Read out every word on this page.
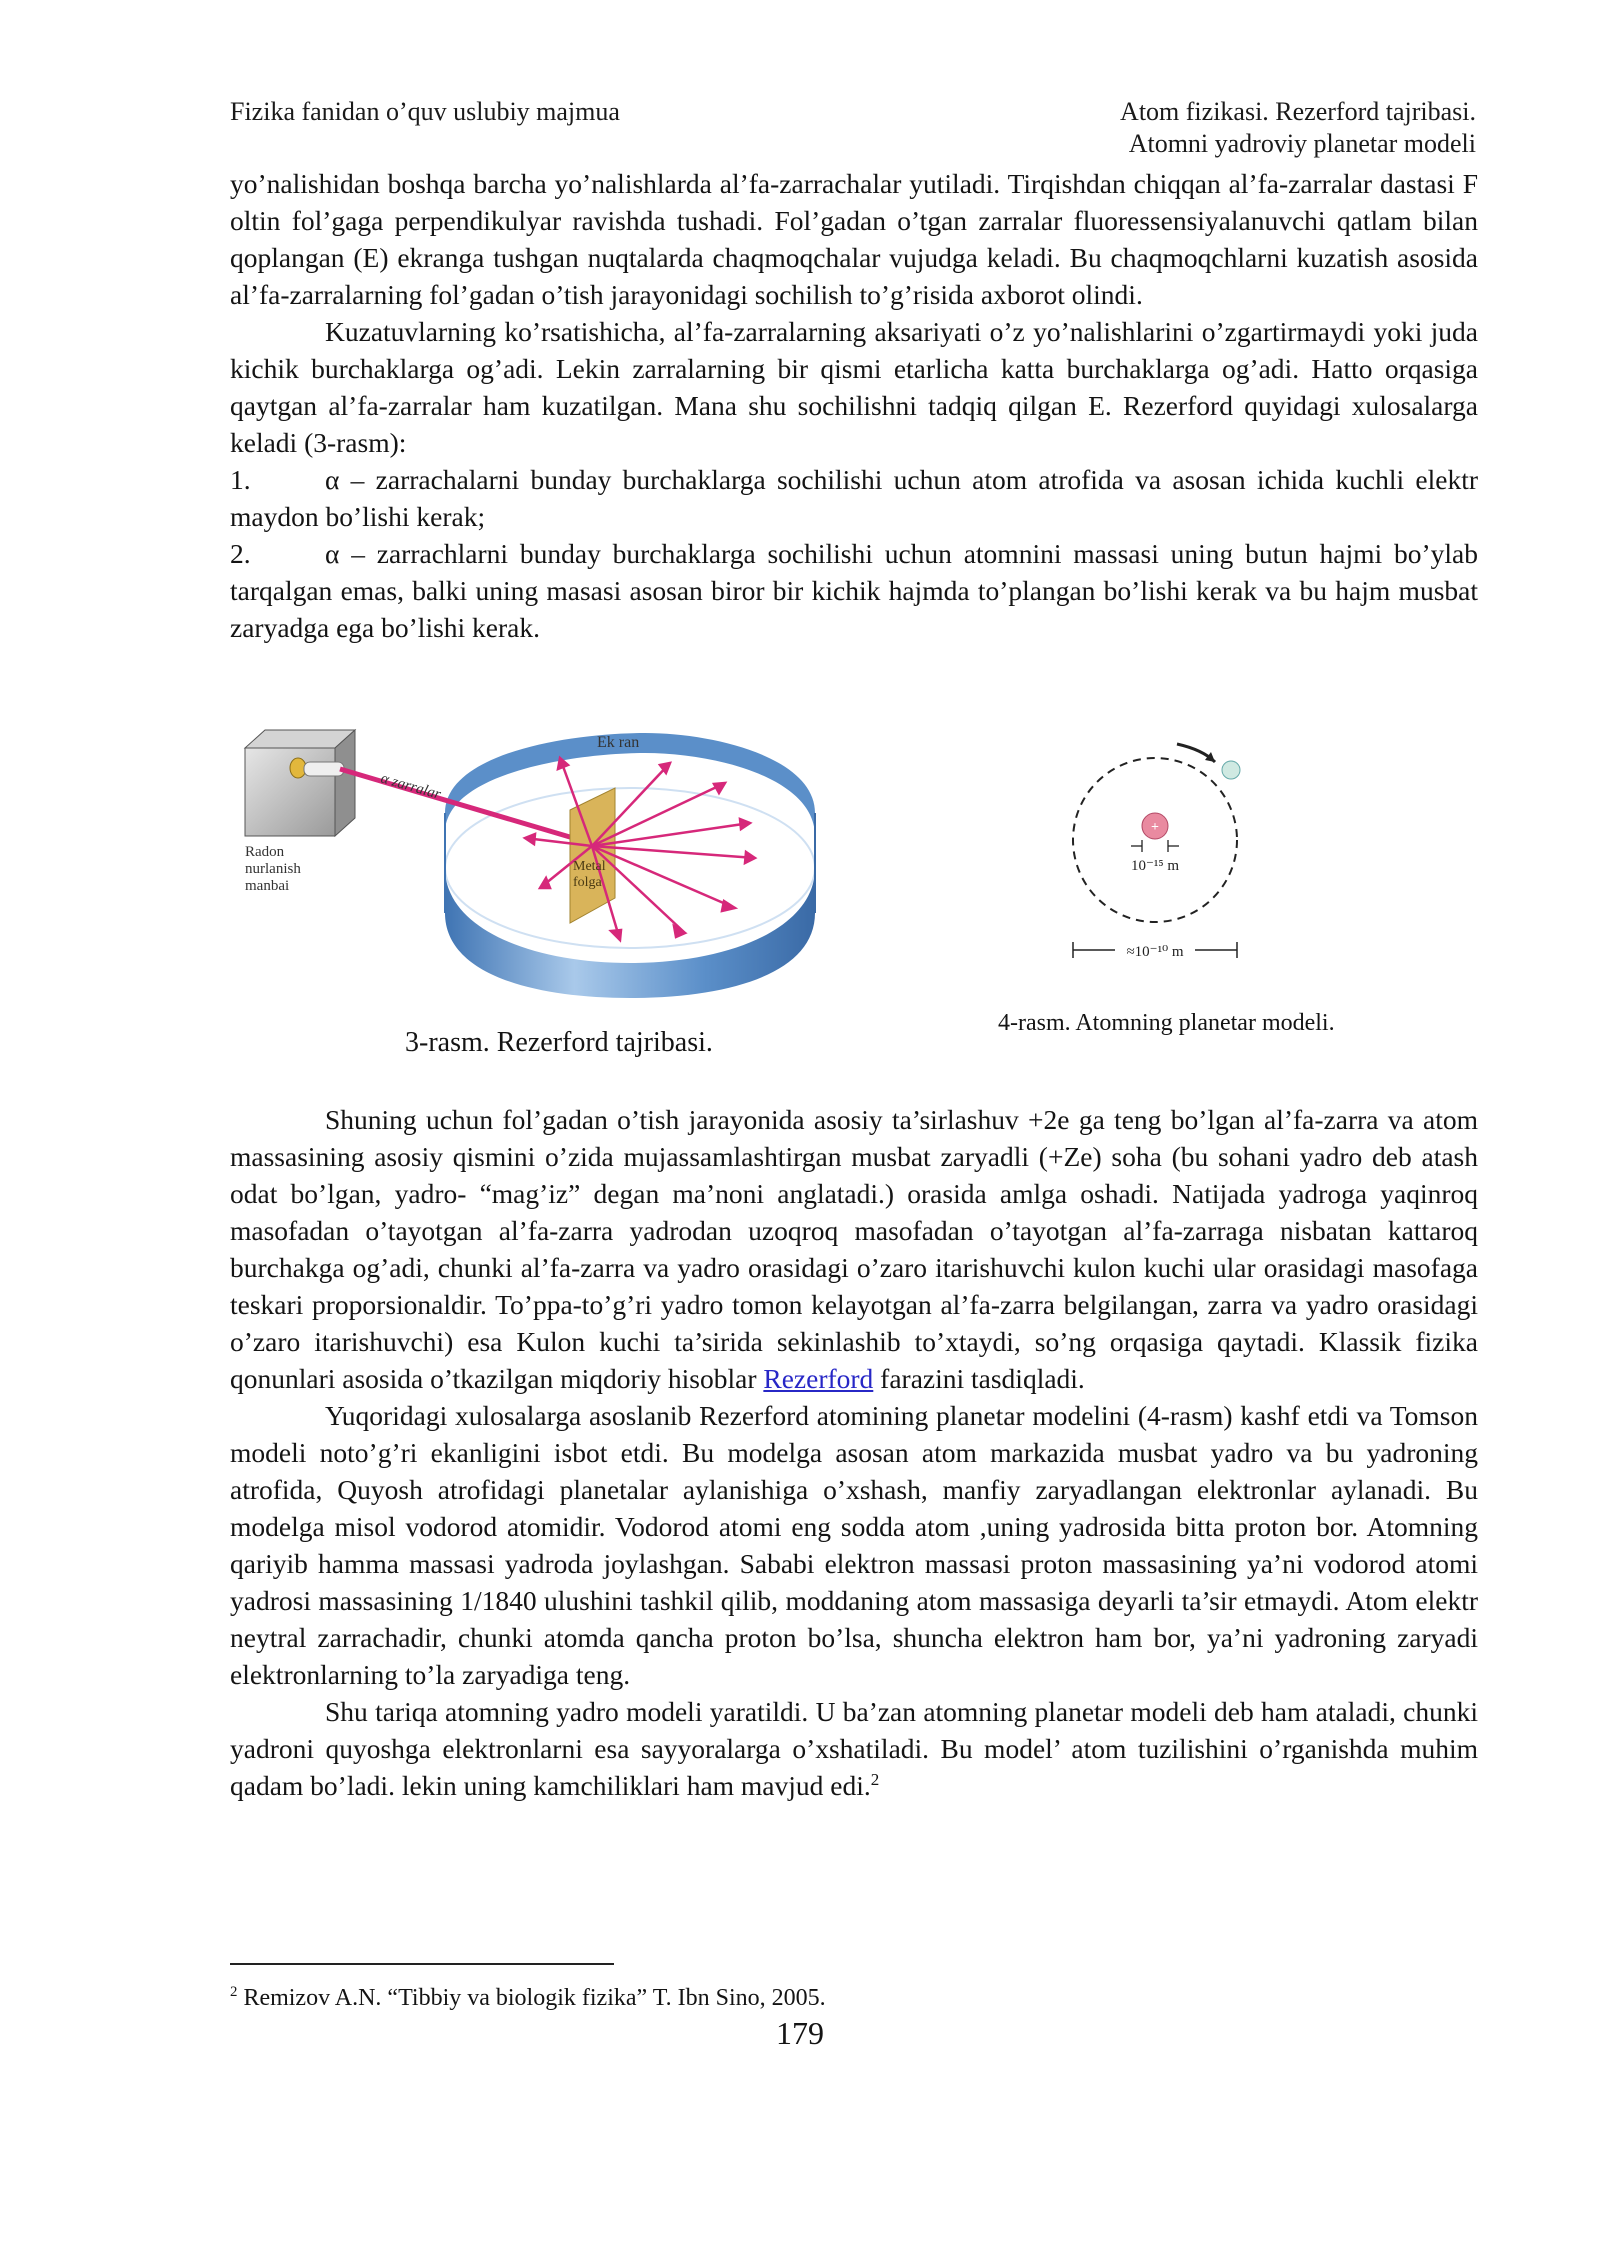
Fizika fanidan o’quv uslubiy majmua	Atom fizikasi. Rezerford tajribasi.
Atomni yadroviy planetar modeli

yo’nalishidan boshqa barcha yo’nalishlarda al’fa-zarrachalar yutiladi. Tirqishdan chiqqan al’fa-zarralar dastasi F oltin fol’gaga perpendikulyar ravishda tushadi. Fol’gadan o’tgan zarralar fluoressensiyalanuvchi qatlam bilan qoplangan (E) ekranga tushgan nuqtalarda chaqmoqchalar vujudga keladi. Bu chaqmoqchlarni kuzatish asosida al’fa-zarralarning fol’gadan o’tish jarayonidagi sochilish to’g’risida axborot olindi.

Kuzatuvlarning ko’rsatishicha, al’fa-zarralarning aksariyati o’z yo’nalishlarini o’zgartirmaydi yoki juda kichik burchaklarga og’adi. Lekin zarralarning bir qismi etarlicha katta burchaklarga og’adi. Hatto orqasiga qaytgan al’fa-zarralar ham kuzatilgan. Mana shu sochilishni tadqiq qilgan E. Rezerford quyidagi xulosalarga keladi (3-rasm):

1.	α – zarrachalarni bunday burchaklarga sochilishi uchun atom atrofida va asosan ichida kuchli elektr maydon bo’lishi kerak;

2.	α – zarrachlarni bunday burchaklarga sochilishi uchun atomnini massasi uning butun hajmi bo’ylab tarqalgan emas, balki uning masasi asosan biror bir kichik hajmda to’plangan bo’lishi kerak va bu hajm musbat zaryadga ega bo’lishi kerak.

Ek ran
α zarralar
Radon
nurlanish
manbai
Metal
folga
+
10⁻¹⁵ m
≈10⁻¹⁰ m
3-rasm. Rezerford tajribasi.
4-rasm. Atomning planetar modeli.

Shuning uchun fol’gadan o’tish jarayonida asosiy ta’sirlashuv +2e ga teng bo’lgan al’fa-zarra va atom massasining asosiy qismini o’zida mujassamlashtirgan musbat zaryadli (+Ze) soha (bu sohani yadro deb atash odat bo’lgan, yadro- “mag’iz” degan ma’noni anglatadi.) orasida amlga oshadi. Natijada yadroga yaqinroq masofadan o’tayotgan al’fa-zarra yadrodan uzoqroq masofadan o’tayotgan al’fa-zarraga nisbatan kattaroq burchakga og’adi, chunki al’fa-zarra va yadro orasidagi o’zaro itarishuvchi kulon kuchi ular orasidagi masofaga teskari proporsionaldir. To’ppa-to’g’ri yadro tomon kelayotgan al’fa-zarra belgilangan, zarra va yadro orasidagi o’zaro itarishuvchi) esa Kulon kuchi ta’sirida sekinlashib to’xtaydi, so’ng orqasiga qaytadi. Klassik fizika qonunlari asosida o’tkazilgan miqdoriy hisoblar Rezerford farazini tasdiqladi.

Yuqoridagi xulosalarga asoslanib Rezerford atomining planetar modelini (4-rasm) kashf etdi va Tomson modeli noto’g’ri ekanligini isbot etdi. Bu modelga asosan atom markazida musbat yadro va bu yadroning atrofida, Quyosh atrofidagi planetalar aylanishiga o’xshash, manfiy zaryadlangan elektronlar aylanadi. Bu modelga misol vodorod atomidir. Vodorod atomi eng sodda atom ,uning yadrosida bitta proton bor. Atomning qariyib hamma massasi yadroda joylashgan. Sababi elektron massasi proton massasining ya’ni vodorod atomi yadrosi massasining 1/1840 ulushini tashkil qilib, moddaning atom massasiga deyarli ta’sir etmaydi. Atom elektr neytral zarrachadir, chunki atomda qancha proton bo’lsa, shuncha elektron ham bor, ya’ni yadroning zaryadi elektronlarning to’la zaryadiga teng.

Shu tariqa atomning yadro modeli yaratildi. U ba’zan atomning planetar modeli deb ham ataladi, chunki yadroni quyoshga elektronlarni esa sayyoralarga o’xshatiladi. Bu model’ atom tuzilishini o’rganishda muhim qadam bo’ladi. lekin uning kamchiliklari ham mavjud edi.$^2$

$^2$ Remizov A.N. “Tibbiy va biologik fizika” T. Ibn Sino, 2005.
179
